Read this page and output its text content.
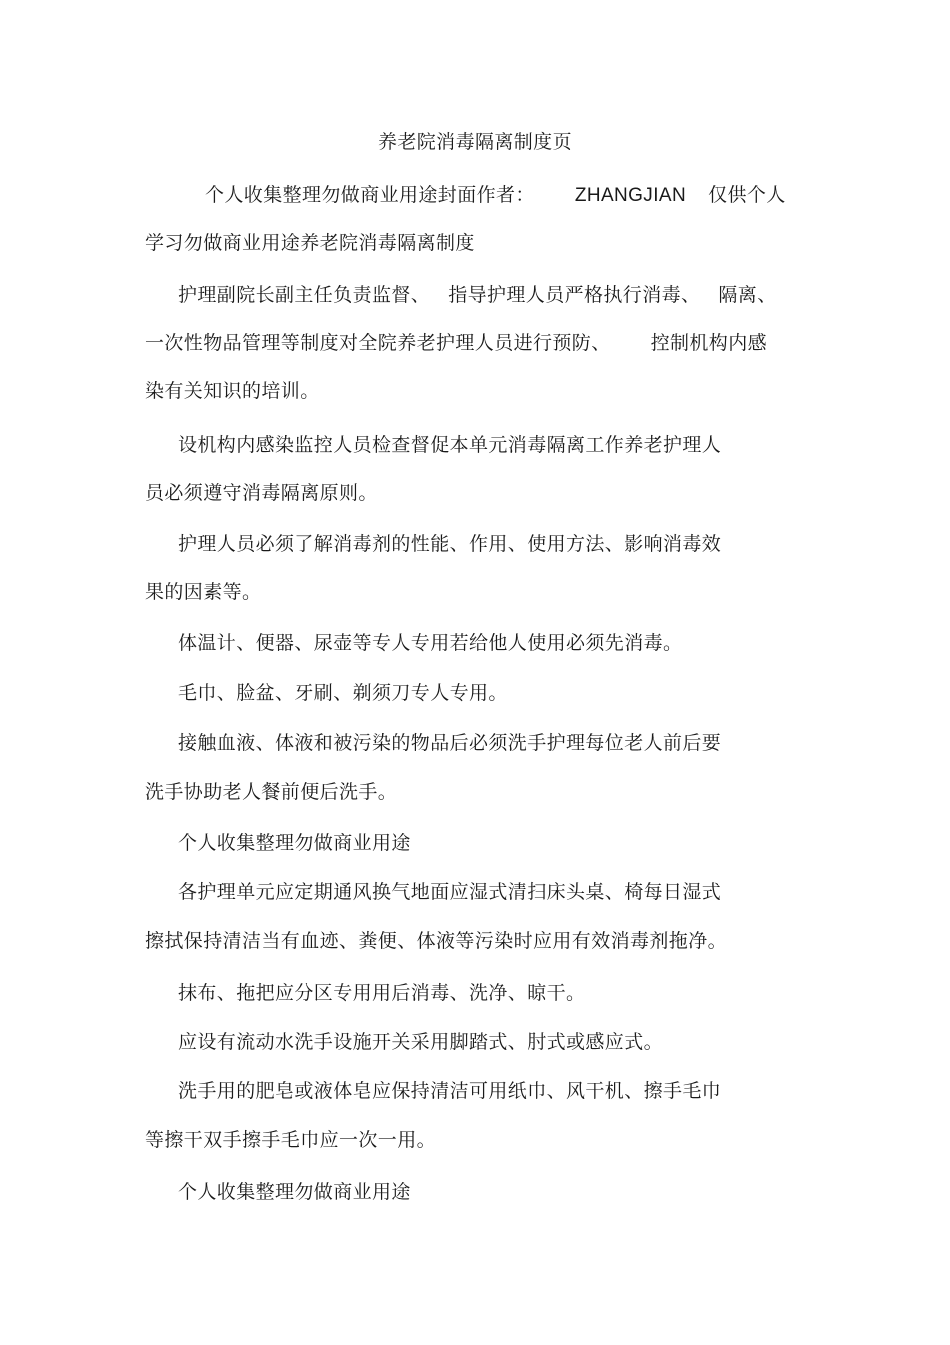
养老院消毒隔离制度页
个人收集整理勿做商业用途封面作者： ZHANGJIAN 仅供个人
学习勿做商业用途养老院消毒隔离制度
护理副院长副主任负责监督、 指导护理人员严格执行消毒、 隔离、
一次性物品管理等制度对全院养老护理人员进行预防、 控制机构内感
染有关知识的培训。
设机构内感染监控人员检查督促本单元消毒隔离工作养老护理人
员必须遵守消毒隔离原则。
护理人员必须了解消毒剂的性能、作用、使用方法、影响消毒效
果的因素等。
体温计、便器、尿壶等专人专用若给他人使用必须先消毒。
毛巾、脸盆、牙刷、剃须刀专人专用。
接触血液、体液和被污染的物品后必须洗手护理每位老人前后要
洗手协助老人餐前便后洗手。
个人收集整理勿做商业用途
各护理单元应定期通风换气地面应湿式清扫床头桌、椅每日湿式
擦拭保持清洁当有血迹、粪便、体液等污染时应用有效消毒剂拖净。
抹布、拖把应分区专用用后消毒、洗净、晾干。
应设有流动水洗手设施开关采用脚踏式、肘式或感应式。
洗手用的肥皂或液体皂应保持清洁可用纸巾、风干机、擦手毛巾
等擦干双手擦手毛巾应一次一用。
个人收集整理勿做商业用途
